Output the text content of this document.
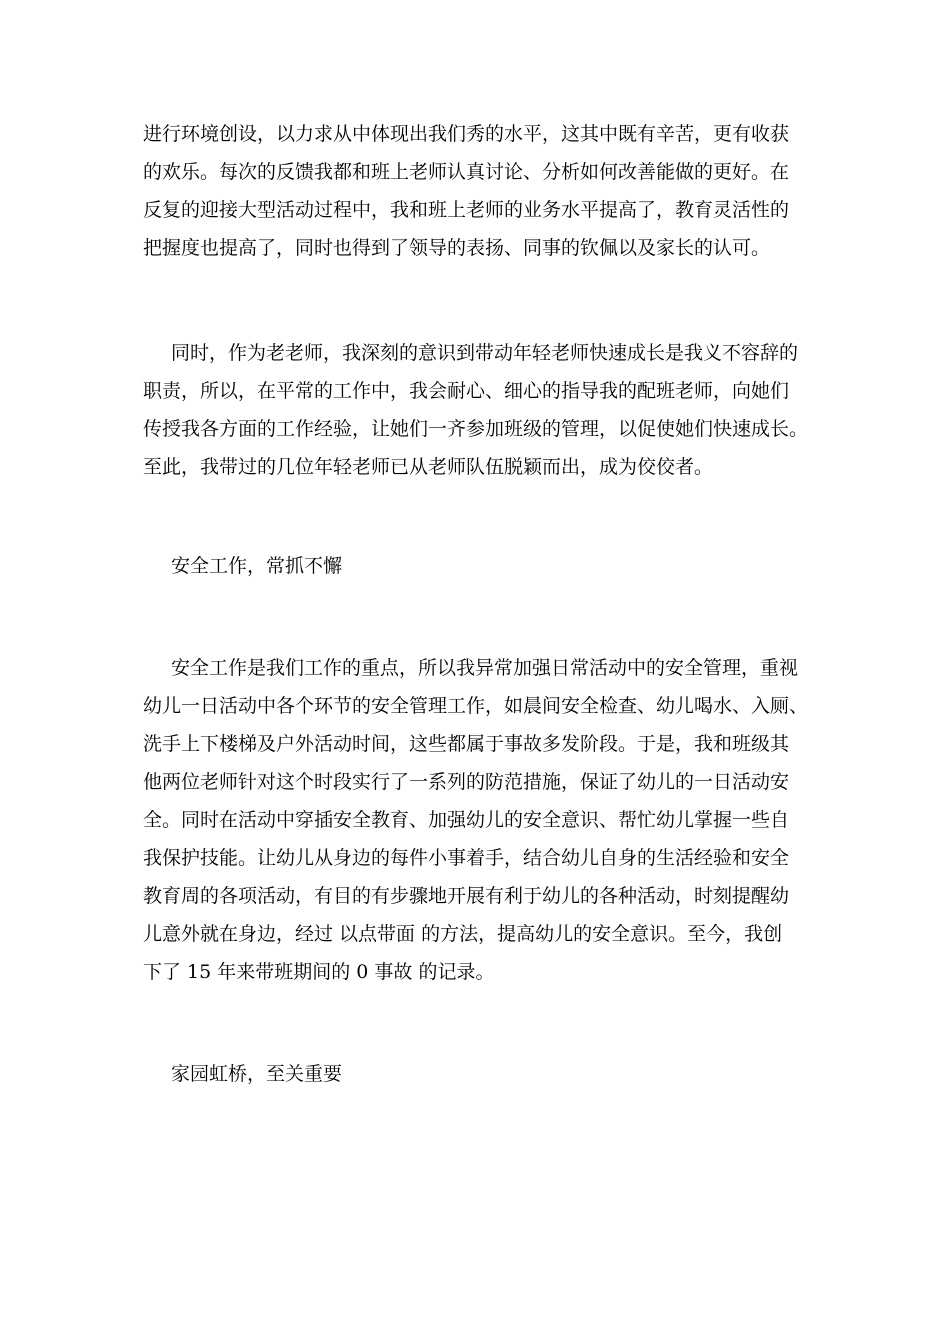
进行环境创设，以力求从中体现出我们秀的水平，这其中既有辛苦，更有收获
的欢乐。每次的反馈我都和班上老师认真讨论、分析如何改善能做的更好。在
反复的迎接大型活动过程中，我和班上老师的业务水平提高了，教育灵活性的
把握度也提高了，同时也得到了领导的表扬、同事的钦佩以及家长的认可。
同时，作为老老师，我深刻的意识到带动年轻老师快速成长是我义不容辞的
职责，所以，在平常的工作中，我会耐心、细心的指导我的配班老师，向她们
传授我各方面的工作经验，让她们一齐参加班级的管理，以促使她们快速成长。
至此，我带过的几位年轻老师已从老师队伍脱颖而出，成为佼佼者。
安全工作，常抓不懈
安全工作是我们工作的重点，所以我异常加强日常活动中的安全管理，重视
幼儿一日活动中各个环节的安全管理工作，如晨间安全检查、幼儿喝水、入厕、
洗手上下楼梯及户外活动时间，这些都属于事故多发阶段。于是，我和班级其
他两位老师针对这个时段实行了一系列的防范措施，保证了幼儿的一日活动安
全。同时在活动中穿插安全教育、加强幼儿的安全意识、帮忙幼儿掌握一些自
我保护技能。让幼儿从身边的每件小事着手，结合幼儿自身的生活经验和安全
教育周的各项活动，有目的有步骤地开展有利于幼儿的各种活动，时刻提醒幼
儿意外就在身边，经过 以点带面 的方法，提高幼儿的安全意识。至今，我创
下了 15 年来带班期间的 0 事故 的记录。
家园虹桥，至关重要
